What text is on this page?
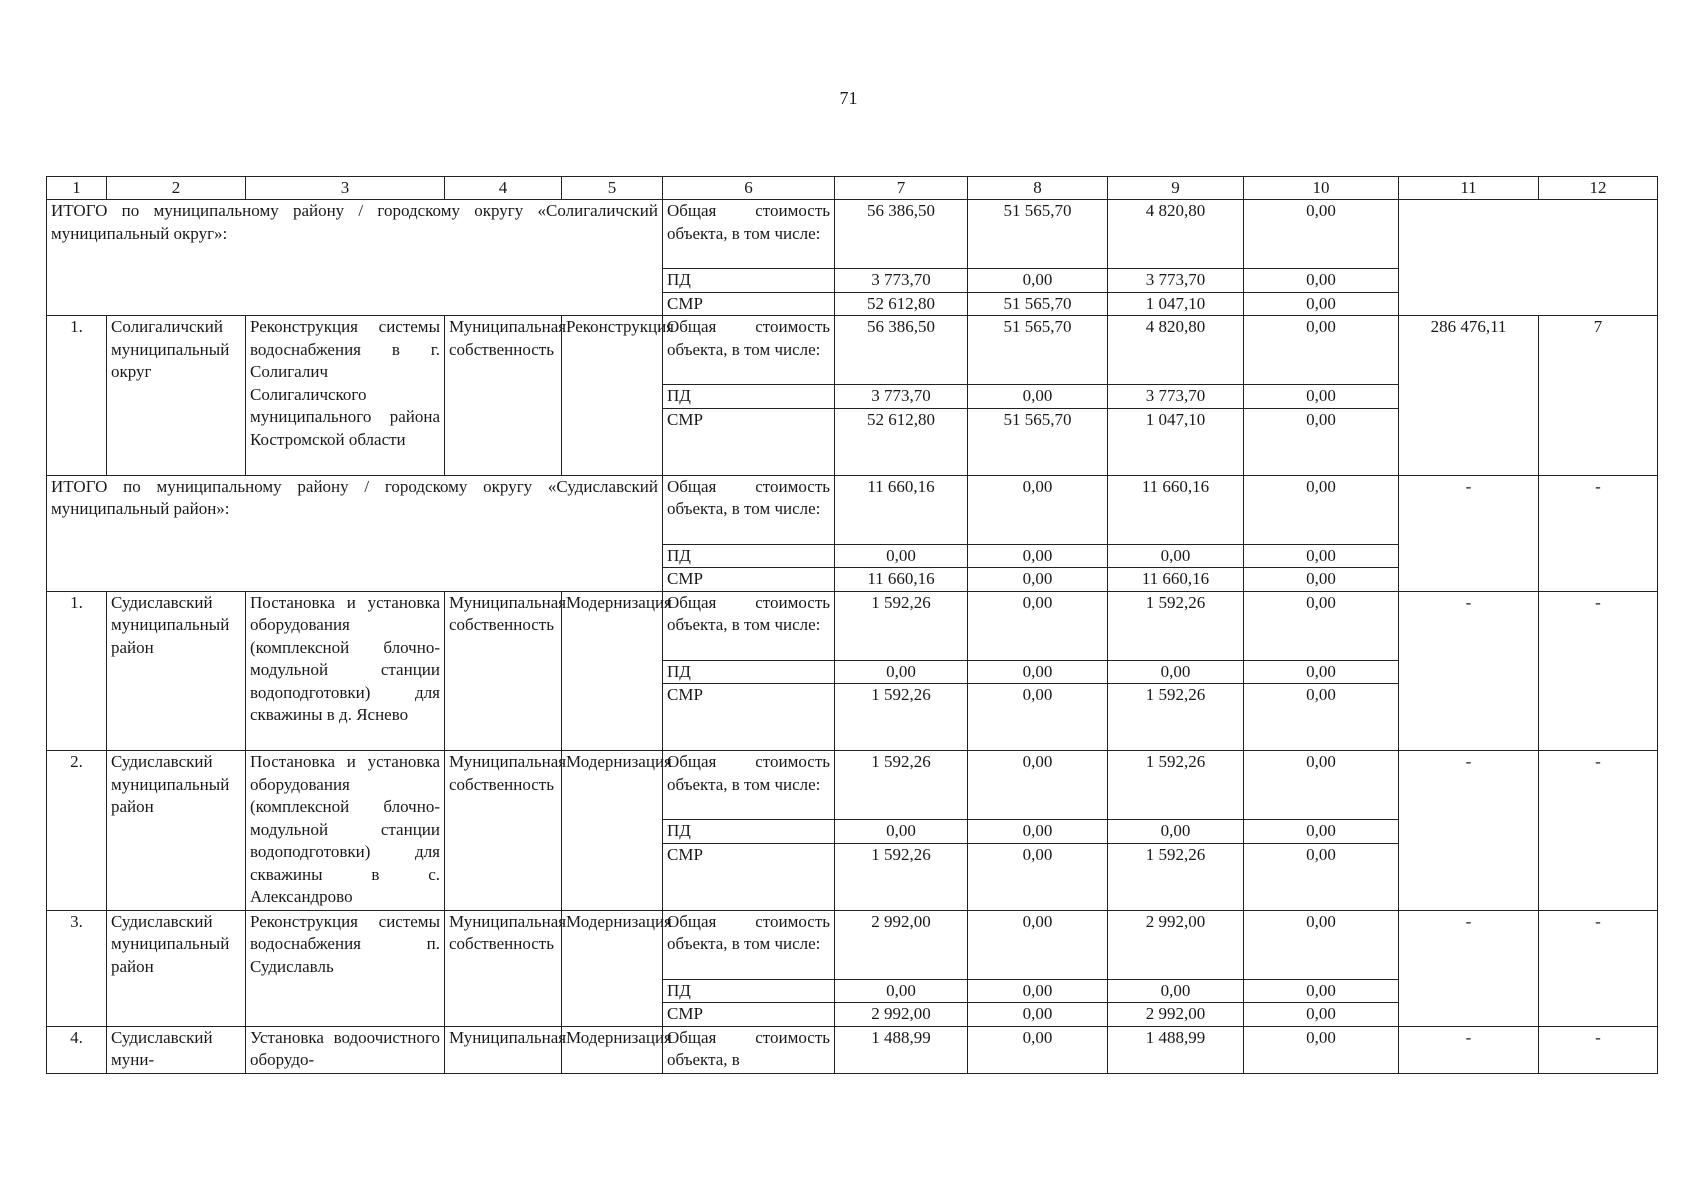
71
1	2	3	4	5	6	7	8	9	10	11	12
ИТОГО по муниципальному району / городскому округу «Солигаличский муниципальный округ»:					Общая стоимость объекта, в том числе:	56 386,50	51 565,70	4 820,80	0,00		
					ПД	3 773,70	0,00	3 773,70	0,00		
					СМР	52 612,80	51 565,70	1 047,10	0,00		
1.	Солигаличский муниципальный округ	Реконструкция системы водоснабжения в г. Солигалич Солигаличского муниципального района Костромской области	Муниципальная собственность	Реконструкция	Общая стоимость объекта, в том числе:	56 386,50	51 565,70	4 820,80	0,00	286 476,11	7
					ПД	3 773,70	0,00	3 773,70	0,00		
					СМР	52 612,80	51 565,70	1 047,10	0,00		
ИТОГО по муниципальному району / городскому округу «Судиславский муниципальный район»:					Общая стоимость объекта, в том числе:	11 660,16	0,00	11 660,16	0,00	-	-
					ПД	0,00	0,00	0,00	0,00		
					СМР	11 660,16	0,00	11 660,16	0,00		
1.	Судиславский муниципальный район	Постановка и установка оборудования (комплексной блочно-модульной станции водоподготовки) для скважины в д. Яснево	Муниципальная собственность	Модернизация	Общая стоимость объекта, в том числе:	1 592,26	0,00	1 592,26	0,00	-	-
					ПД	0,00	0,00	0,00	0,00		
					СМР	1 592,26	0,00	1 592,26	0,00		
2.	Судиславский муниципальный район	Постановка и установка оборудования (комплексной блочно-модульной станции водоподготовки) для скважины в с. Александрово	Муниципальная собственность	Модернизация	Общая стоимость объекта, в том числе:	1 592,26	0,00	1 592,26	0,00	-	-
					ПД	0,00	0,00	0,00	0,00		
					СМР	1 592,26	0,00	1 592,26	0,00		
3.	Судиславский муниципальный район	Реконструкция системы водоснабжения п. Судиславль	Муниципальная собственность	Модернизация	Общая стоимость объекта, в том числе:	2 992,00	0,00	2 992,00	0,00	-	-
					ПД	0,00	0,00	0,00	0,00		
					СМР	2 992,00	0,00	2 992,00	0,00		
4.	Судиславский муни-	Установка водоочистного оборудо-	Муниципальная	Модернизация	Общая стоимость объекта, в	1 488,99	0,00	1 488,99	0,00	-	-
